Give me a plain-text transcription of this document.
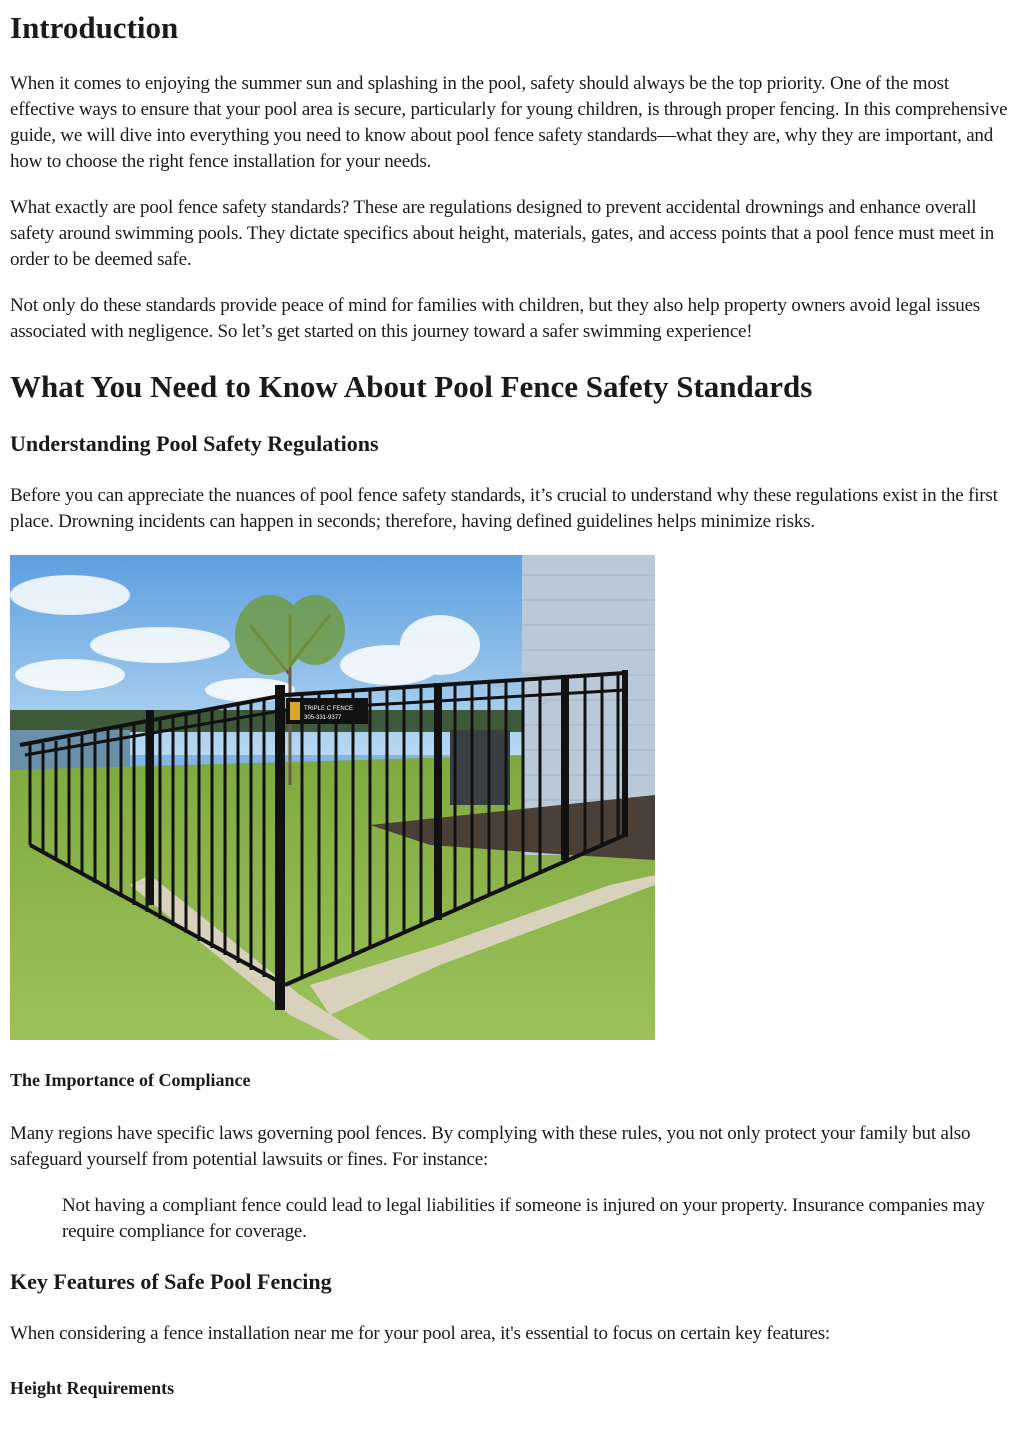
Introduction

When it comes to enjoying the summer sun and splashing in the pool, safety should always be the top priority. One of the most effective ways to ensure that your pool area is secure, particularly for young children, is through proper fencing. In this comprehensive guide, we will dive into everything you need to know about pool fence safety standards—what they are, why they are important, and how to choose the right fence installation for your needs.

What exactly are pool fence safety standards? These are regulations designed to prevent accidental drownings and enhance overall safety around swimming pools. They dictate specifics about height, materials, gates, and access points that a pool fence must meet in order to be deemed safe.

Not only do these standards provide peace of mind for families with children, but they also help property owners avoid legal issues associated with negligence. So let’s get started on this journey toward a safer swimming experience!

What You Need to Know About Pool Fence Safety Standards
Understanding Pool Safety Regulations

Before you can appreciate the nuances of pool fence safety standards, it’s crucial to understand why these regulations exist in the first place. Drowning incidents can happen in seconds; therefore, having defined guidelines helps minimize risks.

TRIPLE C FENCE
305-331-9377
The Importance of Compliance

Many regions have specific laws governing pool fences. By complying with these rules, you not only protect your family but also safeguard yourself from potential lawsuits or fines. For instance:

Not having a compliant fence could lead to legal liabilities if someone is injured on your property. Insurance companies may require compliance for coverage.

Key Features of Safe Pool Fencing

When considering a fence installation near me for your pool area, it's essential to focus on certain key features:

Height Requirements
